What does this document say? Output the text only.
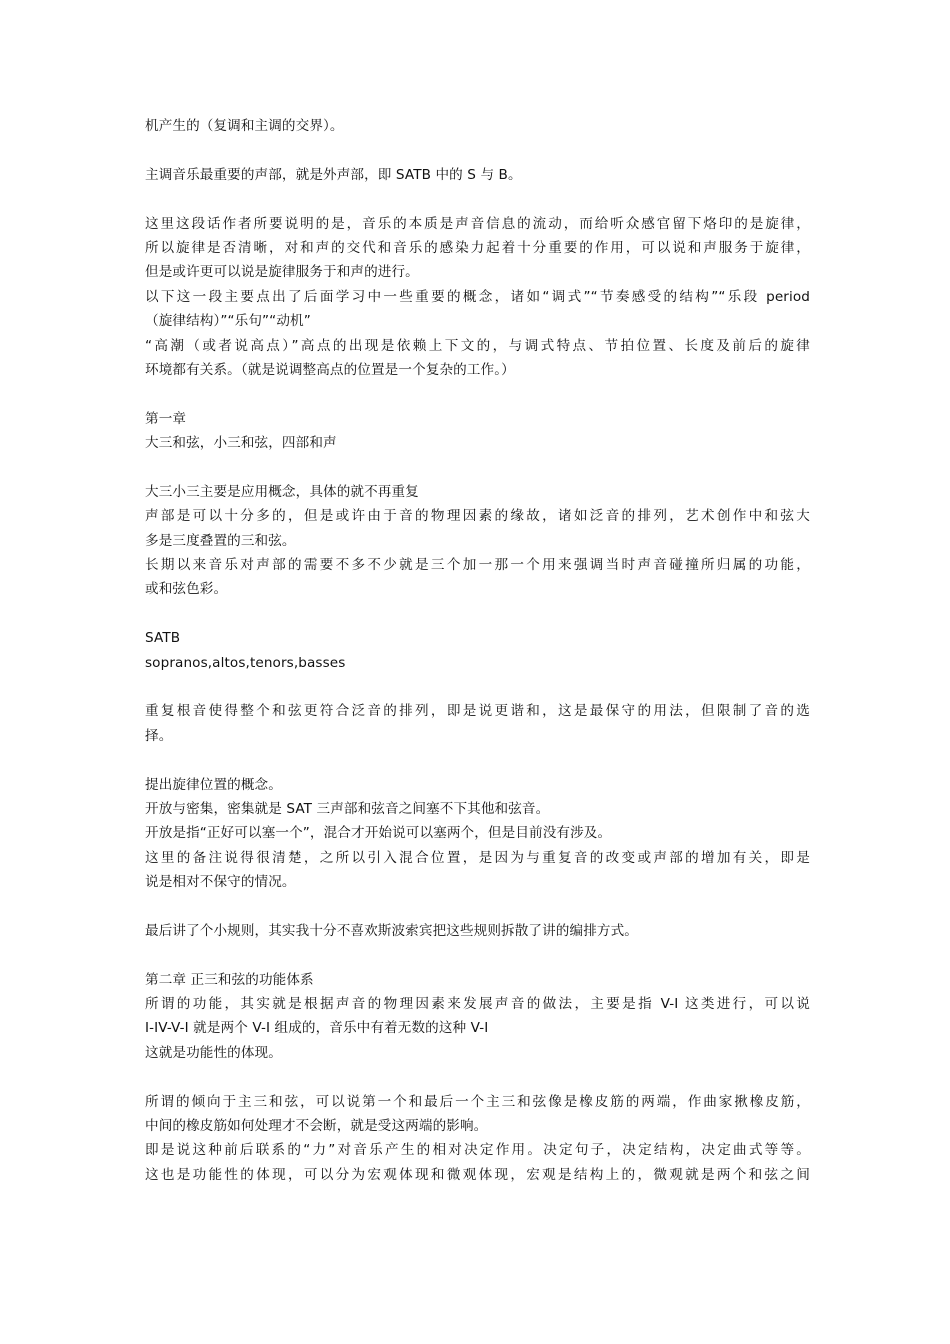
机产生的（复调和主调的交界）。
主调音乐最重要的声部，就是外声部，即 SATB 中的 S 与 B。
这里这段话作者所要说明的是，音乐的本质是声音信息的流动，而给听众感官留下烙印的是旋律，
所以旋律是否清晰，对和声的交代和音乐的感染力起着十分重要的作用，可以说和声服务于旋律，
但是或许更可以说是旋律服务于和声的进行。
以下这一段主要点出了后面学习中一些重要的概念，诸如“调式”“节奏感受的结构”“乐段 period
（旋律结构）”“乐句”“动机”
“高潮（或者说高点）”高点的出现是依赖上下文的，与调式特点、节拍位置、长度及前后的旋律
环境都有关系。（就是说调整高点的位置是一个复杂的工作。）
第一章
大三和弦，小三和弦，四部和声
大三小三主要是应用概念，具体的就不再重复
声部是可以十分多的，但是或许由于音的物理因素的缘故，诸如泛音的排列，艺术创作中和弦大
多是三度叠置的三和弦。
长期以来音乐对声部的需要不多不少就是三个加一那一个用来强调当时声音碰撞所归属的功能，
或和弦色彩。
SATB
sopranos,altos,tenors,basses
重复根音使得整个和弦更符合泛音的排列，即是说更谐和，这是最保守的用法，但限制了音的选
择。
提出旋律位置的概念。
开放与密集，密集就是 SAT 三声部和弦音之间塞不下其他和弦音。
开放是指“正好可以塞一个”，混合才开始说可以塞两个，但是目前没有涉及。
这里的备注说得很清楚，之所以引入混合位置，是因为与重复音的改变或声部的增加有关，即是
说是相对不保守的情况。
最后讲了个小规则，其实我十分不喜欢斯波索宾把这些规则拆散了讲的编排方式。
第二章 正三和弦的功能体系
所谓的功能，其实就是根据声音的物理因素来发展声音的做法，主要是指 V-I 这类进行，可以说
I-IV-V-I 就是两个 V-I 组成的，音乐中有着无数的这种 V-I
这就是功能性的体现。
所谓的倾向于主三和弦，可以说第一个和最后一个主三和弦像是橡皮筋的两端，作曲家揪橡皮筋，
中间的橡皮筋如何处理才不会断，就是受这两端的影响。
即是说这种前后联系的“力”对音乐产生的相对决定作用。决定句子，决定结构，决定曲式等等。
这也是功能性的体现，可以分为宏观体现和微观体现，宏观是结构上的，微观就是两个和弦之间
